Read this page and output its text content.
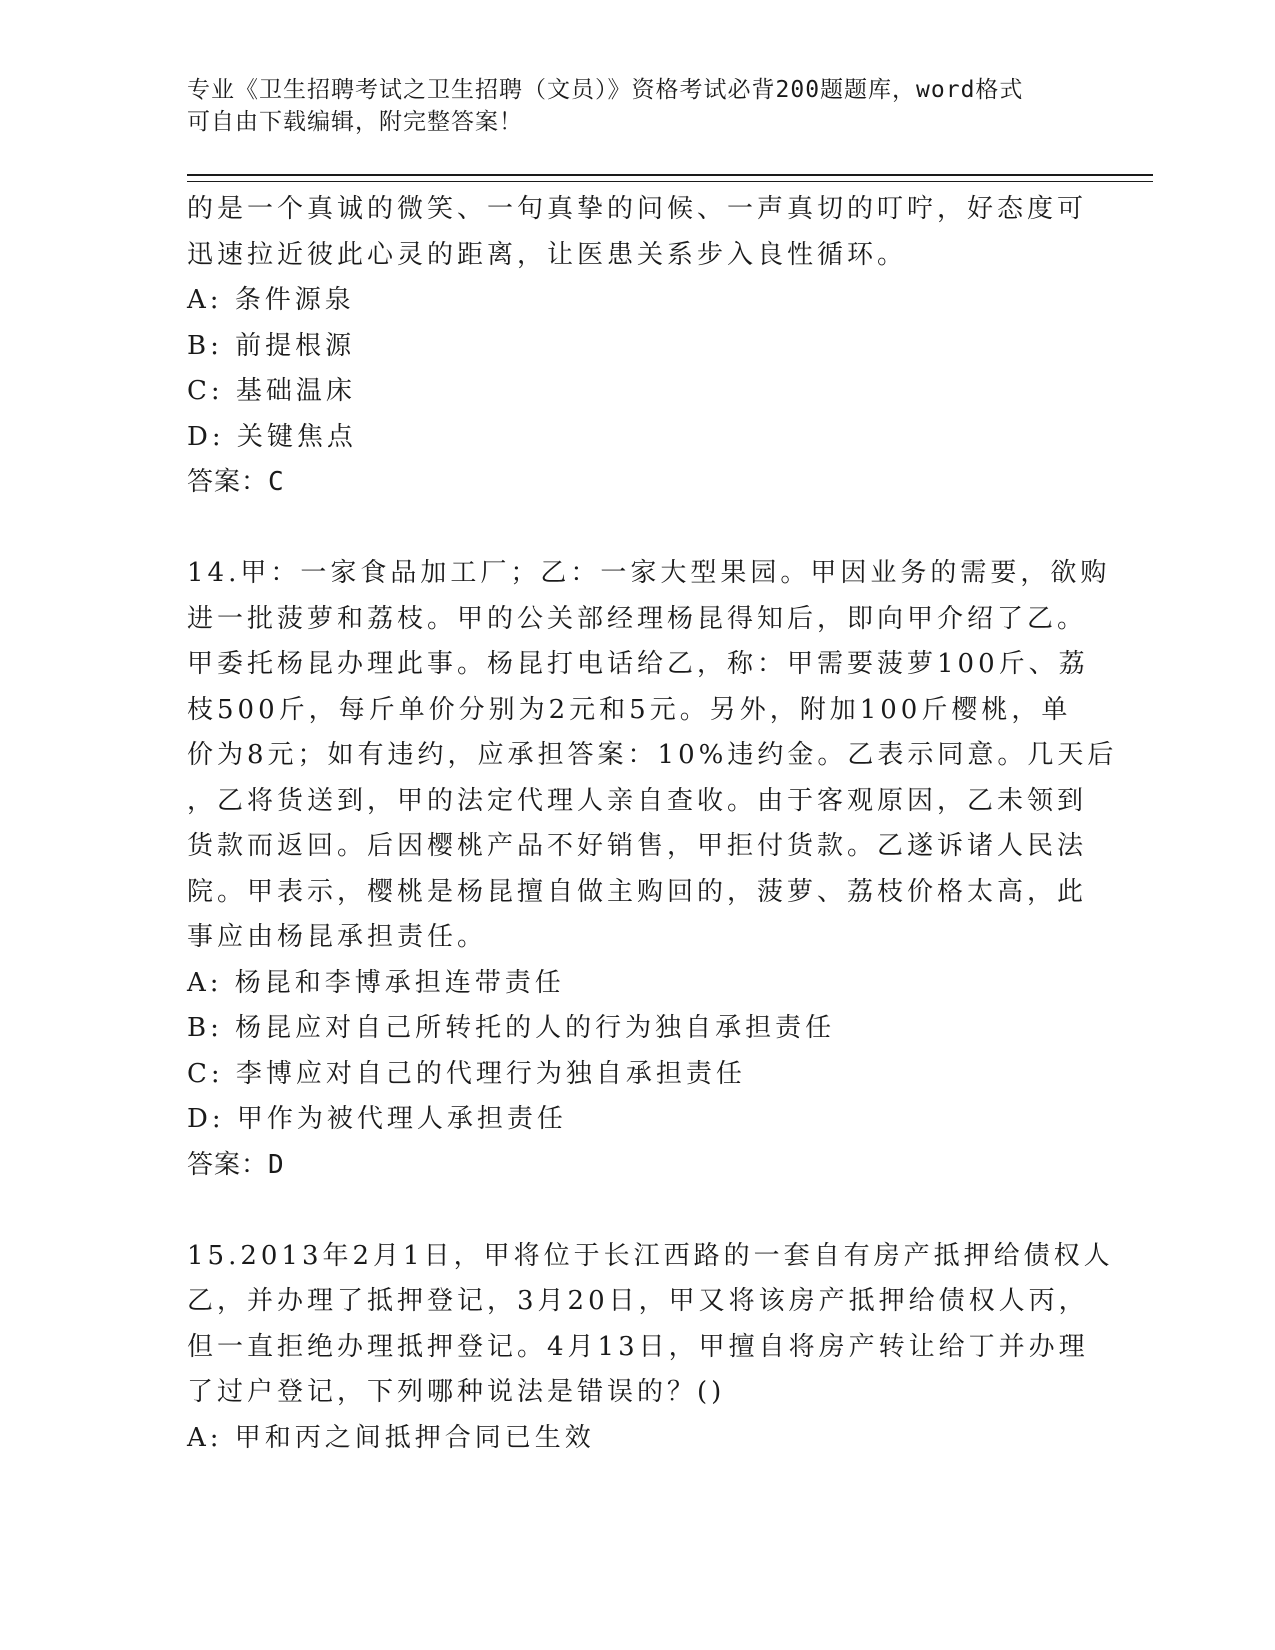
专业《卫生招聘考试之卫生招聘（文员）》资格考试必背200题题库，word格式
可自由下载编辑，附完整答案！
的是一个真诚的微笑、一句真挚的问候、一声真切的叮咛，好态度可
迅速拉近彼此心灵的距离，让医患关系步入良性循环。
A: 条件源泉
B: 前提根源
C: 基础温床
D: 关键焦点
答案：C
14.甲：一家食品加工厂；乙：一家大型果园。甲因业务的需要，欲购
进一批菠萝和荔枝。甲的公关部经理杨昆得知后，即向甲介绍了乙。
甲委托杨昆办理此事。杨昆打电话给乙，称：甲需要菠萝100斤、荔
枝500斤，每斤单价分别为2元和5元。另外，附加100斤樱桃，单
价为8元；如有违约，应承担答案：10%违约金。乙表示同意。几天后
，乙将货送到，甲的法定代理人亲自查收。由于客观原因，乙未领到
货款而返回。后因樱桃产品不好销售，甲拒付货款。乙遂诉诸人民法
院。甲表示，樱桃是杨昆擅自做主购回的，菠萝、荔枝价格太高，此
事应由杨昆承担责任。
A: 杨昆和李博承担连带责任
B: 杨昆应对自己所转托的人的行为独自承担责任
C: 李博应对自己的代理行为独自承担责任
D: 甲作为被代理人承担责任
答案：D
15.2013年2月1日，甲将位于长江西路的一套自有房产抵押给债权人
乙，并办理了抵押登记，3月20日，甲又将该房产抵押给债权人丙，
但一直拒绝办理抵押登记。4月13日，甲擅自将房产转让给丁并办理
了过户登记，下列哪种说法是错误的？()
A: 甲和丙之间抵押合同已生效
